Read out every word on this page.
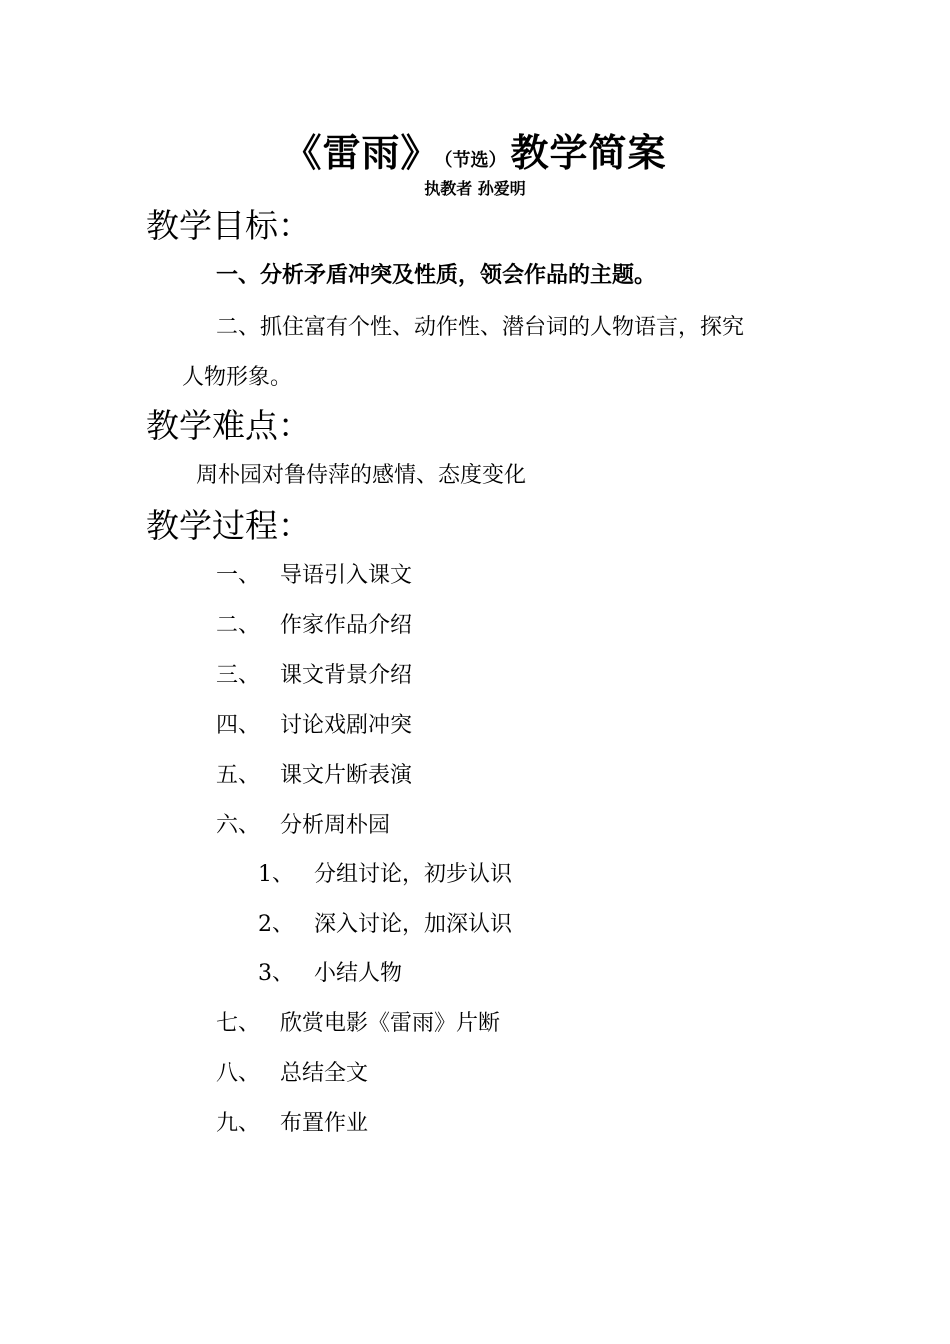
《雷雨》 （节选） 教学简案
执教者 孙爱明
教学目标：
一、分析矛盾冲突及性质，领会作品的主题。
二、抓住富有个性、动作性、潜台词的人物语言，探究
人物形象。
教学难点：
周朴园对鲁侍萍的感情、态度变化
教学过程：
一、 导语引入课文
二、 作家作品介绍
三、 课文背景介绍
四、 讨论戏剧冲突
五、 课文片断表演
六、 分析周朴园
1、 分组讨论，初步认识
2、 深入讨论，加深认识
3、 小结人物
七、 欣赏电影《雷雨》片断
八、 总结全文
九、 布置作业
